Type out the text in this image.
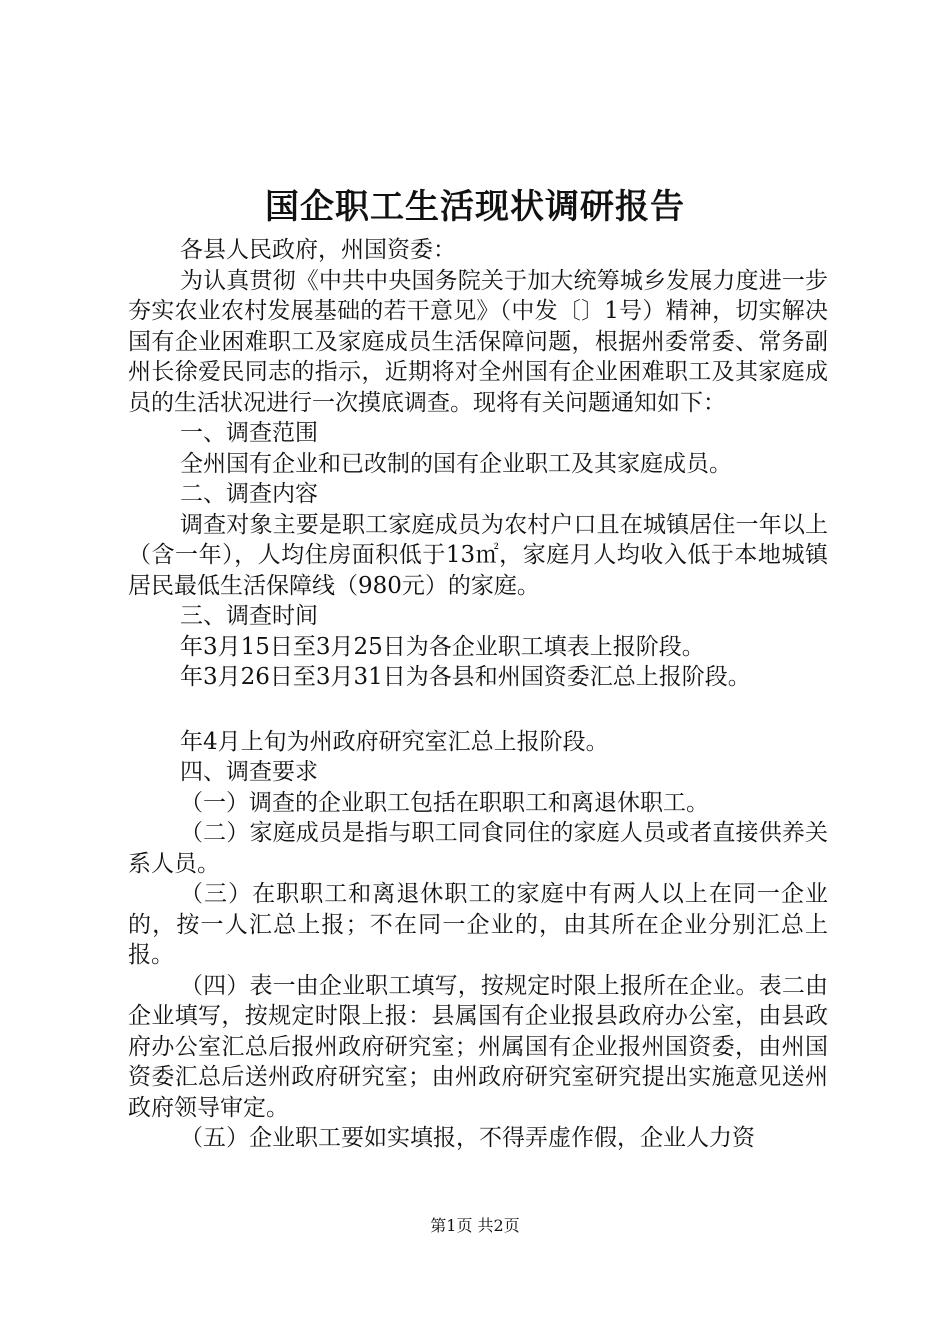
国企职工生活现状调研报告

各县人民政府，州国资委：

为认真贯彻《中共中央国务院关于加大统筹城乡发展力度进一步夯实农业农村发展基础的若干意见》（中发〔〕1号）精神，切实解决国有企业困难职工及家庭成员生活保障问题，根据州委常委、常务副州长徐爱民同志的指示，近期将对全州国有企业困难职工及其家庭成员的生活状况进行一次摸底调查。现将有关问题通知如下：

一、调查范围

全州国有企业和已改制的国有企业职工及其家庭成员。

二、调查内容

调查对象主要是职工家庭成员为农村户口且在城镇居住一年以上（含一年），人均住房面积低于13㎡，家庭月人均收入低于本地城镇居民最低生活保障线（980元）的家庭。

三、调查时间

年3月15日至3月25日为各企业职工填表上报阶段。

年3月26日至3月31日为各县和州国资委汇总上报阶段。

年4月上旬为州政府研究室汇总上报阶段。

四、调查要求

（一）调查的企业职工包括在职职工和离退休职工。

（二）家庭成员是指与职工同食同住的家庭人员或者直接供养关系人员。

（三）在职职工和离退休职工的家庭中有两人以上在同一企业的，按一人汇总上报；不在同一企业的，由其所在企业分别汇总上报。

（四）表一由企业职工填写，按规定时限上报所在企业。表二由企业填写，按规定时限上报：县属国有企业报县政府办公室，由县政府办公室汇总后报州政府研究室；州属国有企业报州国资委，由州国资委汇总后送州政府研究室；由州政府研究室研究提出实施意见送州政府领导审定。

（五）企业职工要如实填报，不得弄虚作假，企业人力资

第1页 共2页
